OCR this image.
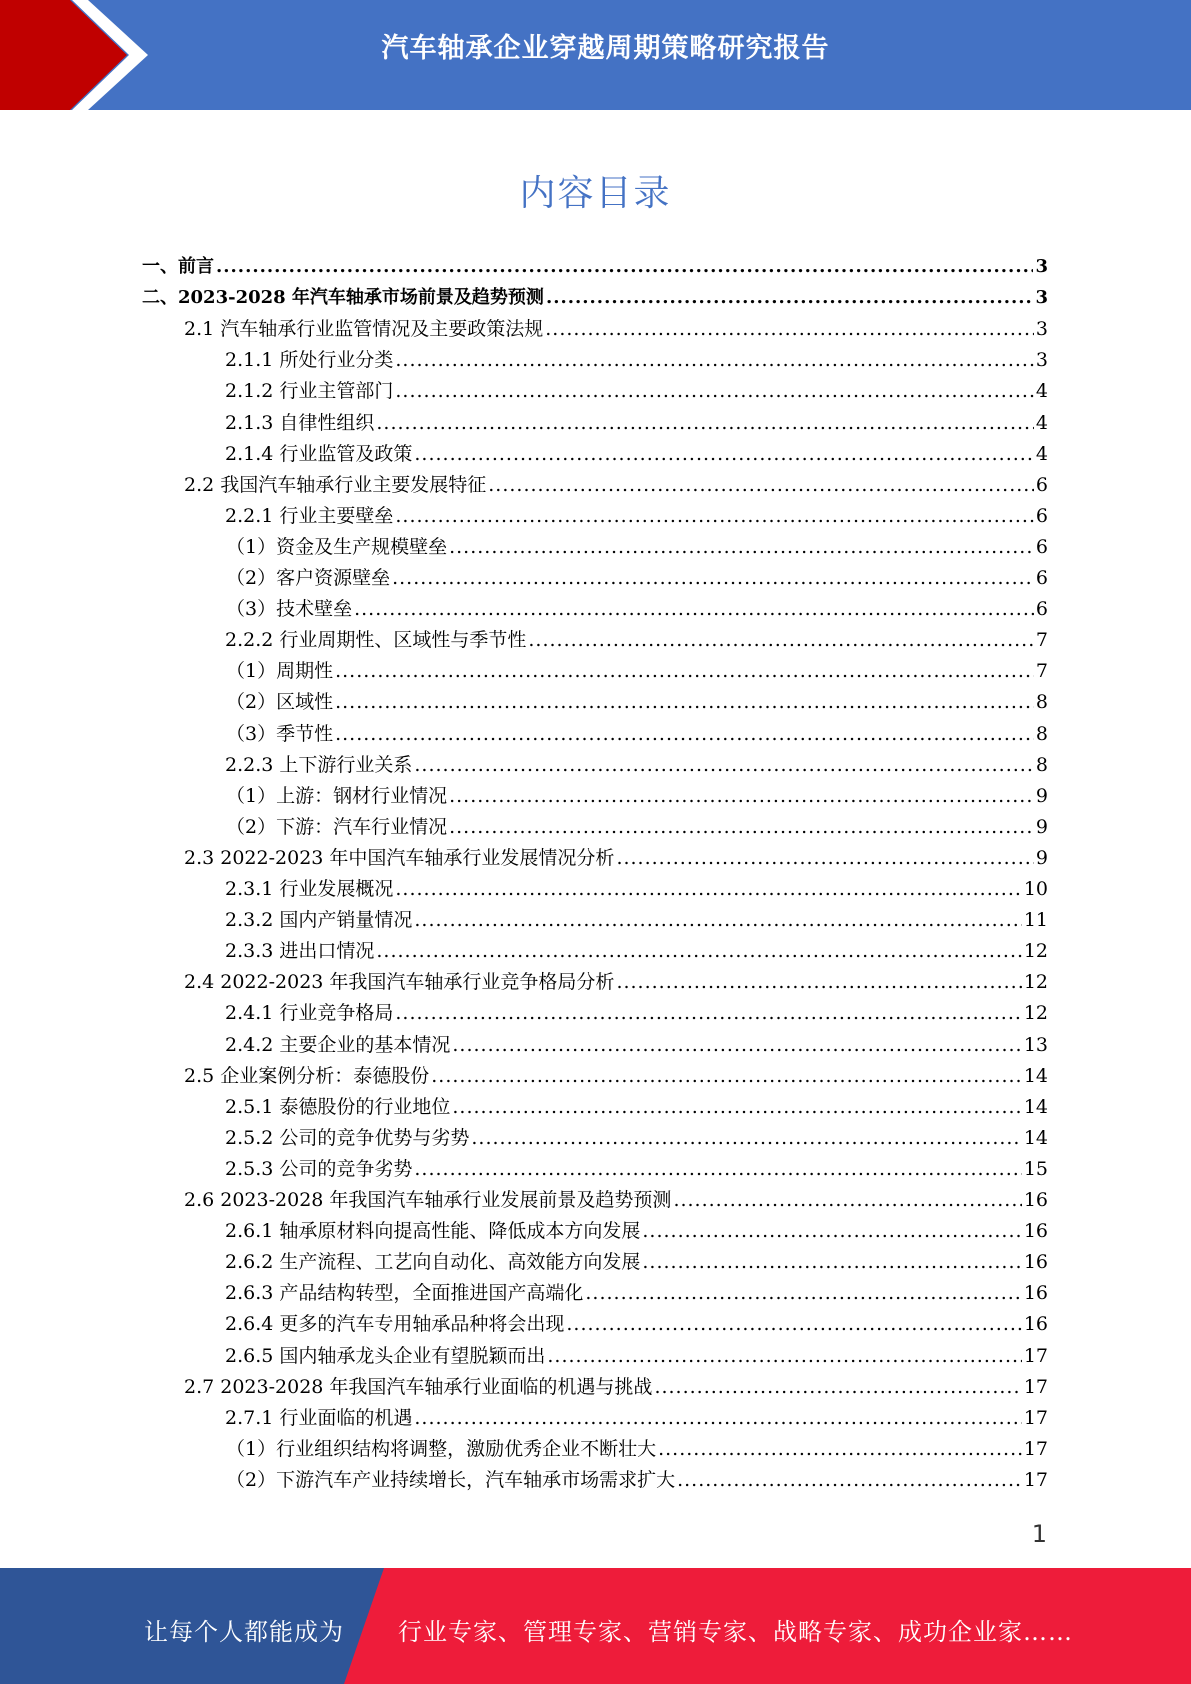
汽车轴承企业穿越周期策略研究报告
内容目录
一、前言 .....	3
二、2023-2028 年汽车轴承市场前景及趋势预测 .....	3
2.1 汽车轴承行业监管情况及主要政策法规 .....	3
2.1.1 所处行业分类 .....	3
2.1.2 行业主管部门 .....	4
2.1.3 自律性组织 .....	4
2.1.4 行业监管及政策 .....	4
2.2 我国汽车轴承行业主要发展特征 .....	6
2.2.1 行业主要壁垒 .....	6
（1）资金及生产规模壁垒 .....	6
（2）客户资源壁垒 .....	6
（3）技术壁垒 .....	6
2.2.2 行业周期性、区域性与季节性 .....	7
（1）周期性 .....	7
（2）区域性 .....	8
（3）季节性 .....	8
2.2.3 上下游行业关系 .....	8
（1）上游：钢材行业情况 .....	9
（2）下游：汽车行业情况 .....	9
2.3 2022-2023 年中国汽车轴承行业发展情况分析 .....	9
2.3.1 行业发展概况 .....	10
2.3.2 国内产销量情况 .....	11
2.3.3 进出口情况 .....	12
2.4 2022-2023 年我国汽车轴承行业竞争格局分析 .....	12
2.4.1 行业竞争格局 .....	12
2.4.2 主要企业的基本情况 .....	13
2.5 企业案例分析：泰德股份 .....	14
2.5.1 泰德股份的行业地位 .....	14
2.5.2 公司的竞争优势与劣势 .....	14
2.5.3 公司的竞争劣势 .....	15
2.6 2023-2028 年我国汽车轴承行业发展前景及趋势预测 .....	16
2.6.1 轴承原材料向提高性能、降低成本方向发展 .....	16
2.6.2 生产流程、工艺向自动化、高效能方向发展 .....	16
2.6.3 产品结构转型，全面推进国产高端化 .....	16
2.6.4 更多的汽车专用轴承品种将会出现 .....	16
2.6.5 国内轴承龙头企业有望脱颖而出 .....	17
2.7 2023-2028 年我国汽车轴承行业面临的机遇与挑战 .....	17
2.7.1 行业面临的机遇 .....	17
（1）行业组织结构将调整，激励优秀企业不断壮大 .....	17
（2）下游汽车产业持续增长，汽车轴承市场需求扩大 .....	17
1
让每个人都能成为 行业专家、管理专家、营销专家、战略专家、成功企业家……
